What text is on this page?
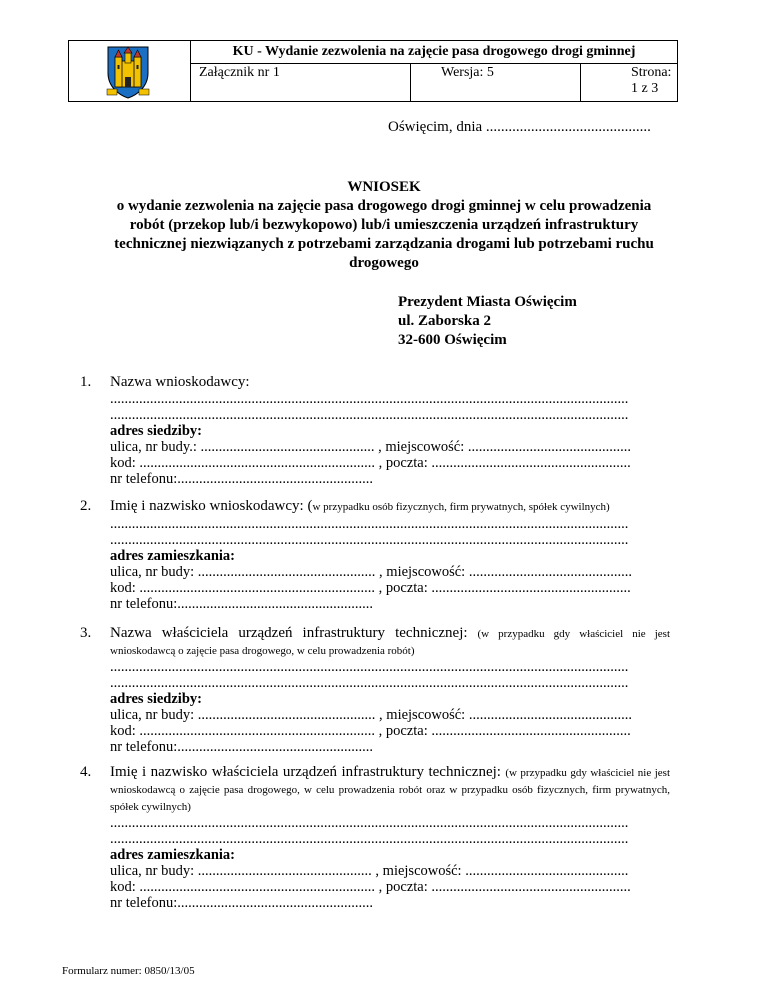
KU - Wydanie zezwolenia na zajęcie pasa drogowego drogi gminnej
Załącznik nr 1	Wersja: 5	Strona: 1 z 3
Oświęcim, dnia ............................................
WNIOSEK
o wydanie zezwolenia na zajęcie pasa drogowego drogi gminnej w celu prowadzenia
robót (przekop lub/i bezwykopowo) lub/i umieszczenia urządzeń infrastruktury
technicznej niezwiązanych z potrzebami zarządzania drogami lub potrzebami ruchu
drogowego
Prezydent Miasta Oświęcim
ul. Zaborska 2
32-600 Oświęcim
1.	Nazwa wnioskodawcy:
...............................................................................................................................................
...............................................................................................................................................
adres siedziby:
ulica, nr budy.: ................................................ , miejscowość: .............................................
kod: ................................................................. , poczta: .......................................................
nr telefonu:......................................................
2.	Imię i nazwisko wnioskodawcy: (w przypadku osób fizycznych, firm prywatnych, spółek cywilnych)
...............................................................................................................................................
...............................................................................................................................................
adres zamieszkania:
ulica, nr budy: ................................................. , miejscowość: .............................................
kod: ................................................................. , poczta: .......................................................
nr telefonu:......................................................
3.	Nazwa właściciela urządzeń infrastruktury technicznej: (w przypadku gdy właściciel nie jest wnioskodawcą o zajęcie pasa drogowego, w celu prowadzenia robót)
...............................................................................................................................................
...............................................................................................................................................
adres siedziby:
ulica, nr budy: ................................................. , miejscowość: .............................................
kod: ................................................................. , poczta: .......................................................
nr telefonu:......................................................
4.	Imię i nazwisko właściciela urządzeń infrastruktury technicznej: (w przypadku gdy właściciel nie jest wnioskodawcą o zajęcie pasa drogowego, w celu prowadzenia robót oraz w przypadku osób fizycznych, firm prywatnych, spółek cywilnych)
...............................................................................................................................................
...............................................................................................................................................
adres zamieszkania:
ulica, nr budy: ................................................ , miejscowość: .............................................
kod: ................................................................. , poczta: .......................................................
nr telefonu:......................................................
Formularz numer: 0850/13/05
